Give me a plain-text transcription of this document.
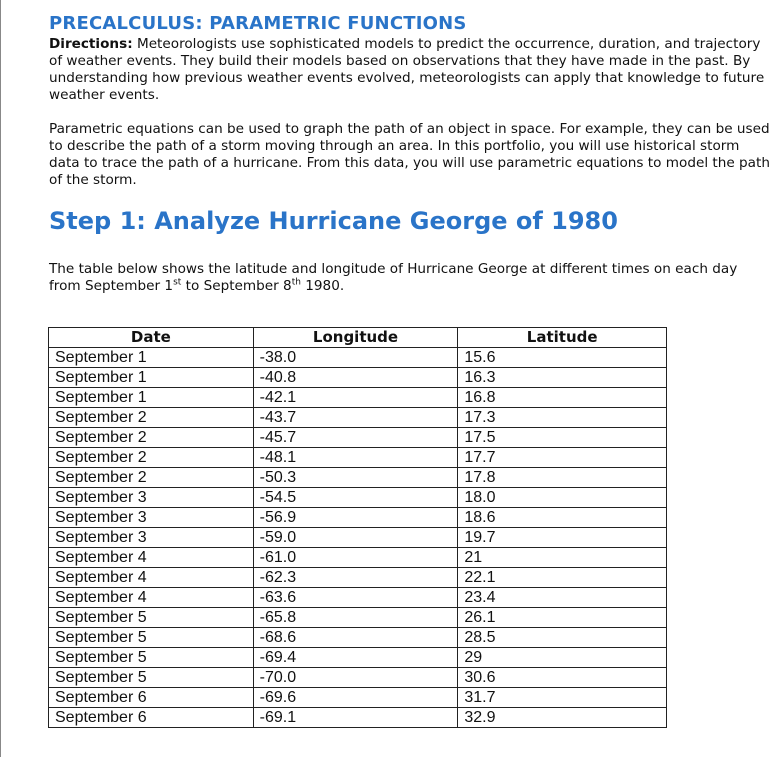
PRECALCULUS: PARAMETRIC FUNCTIONS

Directions: Meteorologists use sophisticated models to predict the occurrence, duration, and trajectory of weather events. They build their models based on observations that they have made in the past. By understanding how previous weather events evolved, meteorologists can apply that knowledge to future weather events.

Parametric equations can be used to graph the path of an object in space. For example, they can be used to describe the path of a storm moving through an area. In this portfolio, you will use historical storm data to trace the path of a hurricane. From this data, you will use parametric equations to model the path of the storm.

Step 1: Analyze Hurricane George of 1980

The table below shows the latitude and longitude of Hurricane George at different times on each day from September 1st to September 8th 1980.

Date	Longitude	Latitude
September 1	-38.0	15.6
September 1	-40.8	16.3
September 1	-42.1	16.8
September 2	-43.7	17.3
September 2	-45.7	17.5
September 2	-48.1	17.7
September 2	-50.3	17.8
September 3	-54.5	18.0
September 3	-56.9	18.6
September 3	-59.0	19.7
September 4	-61.0	21
September 4	-62.3	22.1
September 4	-63.6	23.4
September 5	-65.8	26.1
September 5	-68.6	28.5
September 5	-69.4	29
September 5	-70.0	30.6
September 6	-69.6	31.7
September 6	-69.1	32.9
